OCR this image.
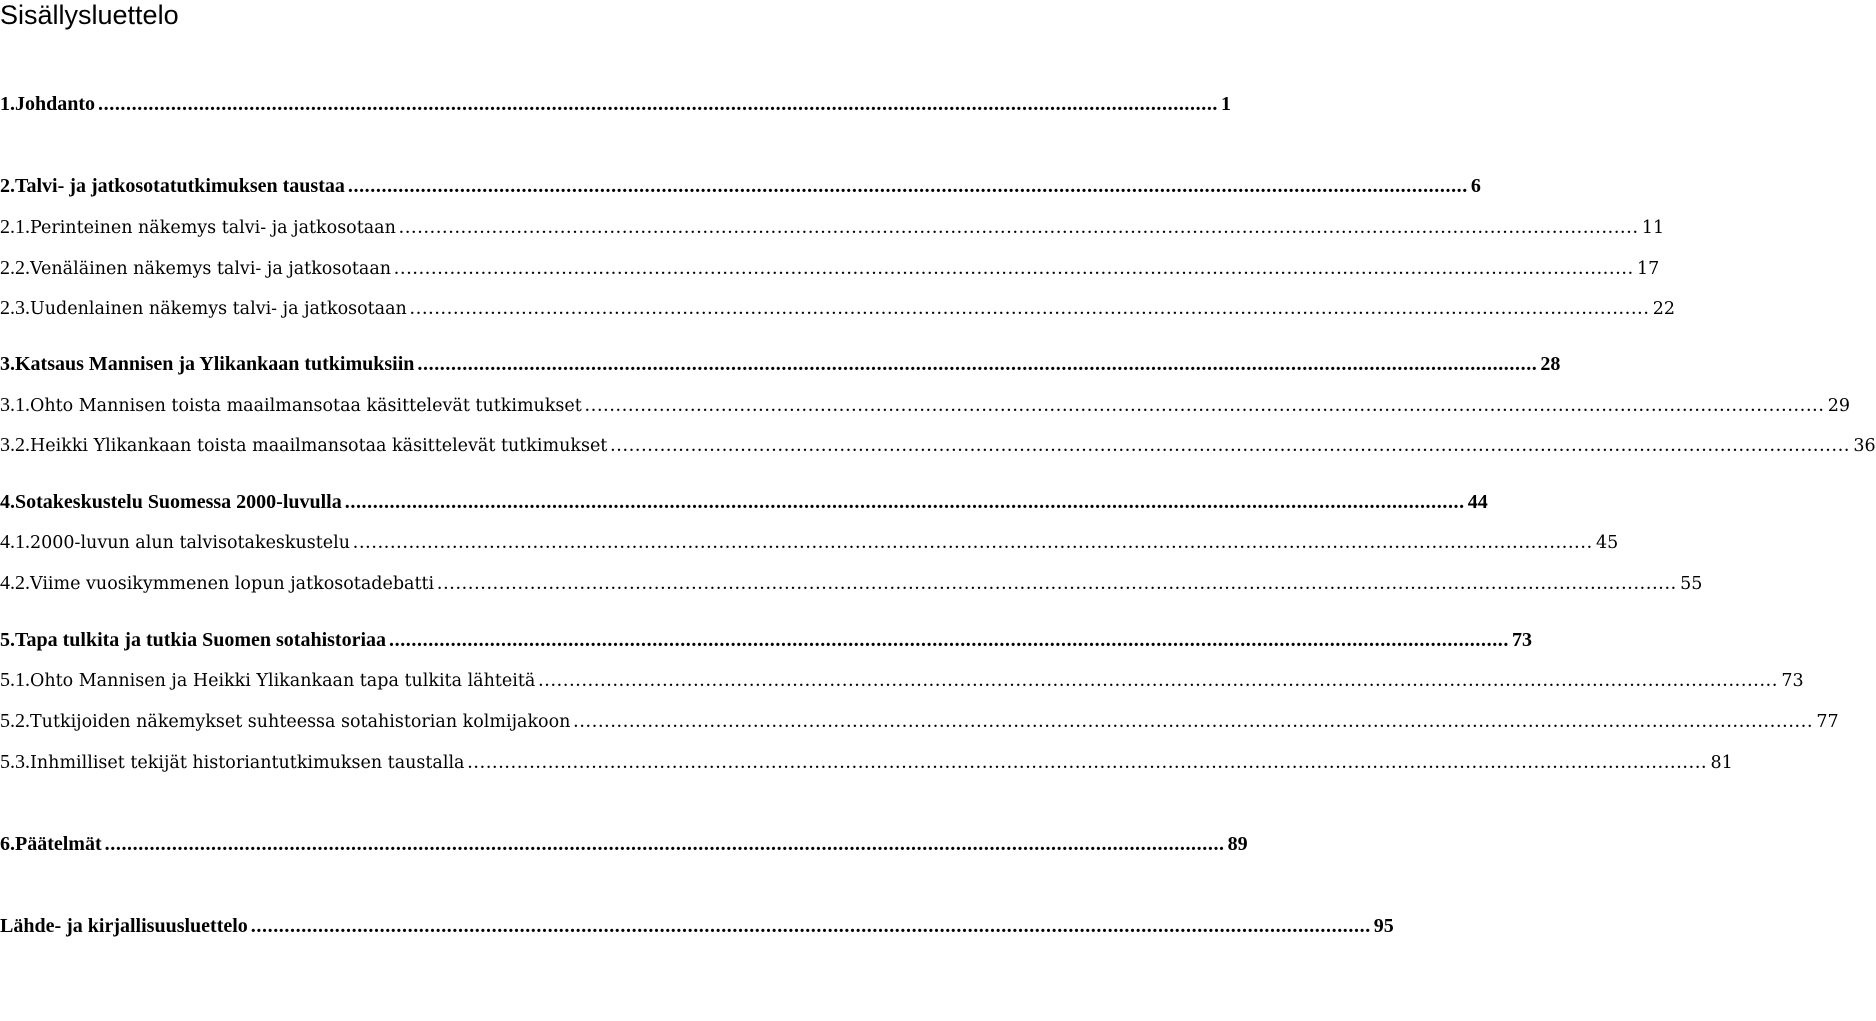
Sisällysluettelo
1. Johdanto ........................................................................................................................................................................................................ 1
2. Talvi- ja jatkosotatutkimuksen taustaa ........................................................................................................................................................................................................ 6
2.1. Perinteinen näkemys talvi- ja jatkosotaan ........................................................................................................................................................................................................ 11
2.2. Venäläinen näkemys talvi- ja jatkosotaan ........................................................................................................................................................................................................ 17
2.3. Uudenlainen näkemys talvi- ja jatkosotaan ........................................................................................................................................................................................................ 22
3. Katsaus Mannisen ja Ylikankaan tutkimuksiin ........................................................................................................................................................................................................ 28
3.1. Ohto Mannisen toista maailmansotaa käsittelevät tutkimukset ........................................................................................................................................................................................................ 29
3.2. Heikki Ylikankaan toista maailmansotaa käsittelevät tutkimukset ........................................................................................................................................................................................................ 36
4. Sotakeskustelu Suomessa 2000-luvulla ........................................................................................................................................................................................................ 44
4.1. 2000-luvun alun talvisotakeskustelu ........................................................................................................................................................................................................ 45
4.2. Viime vuosikymmenen lopun jatkosotadebatti ........................................................................................................................................................................................................ 55
5. Tapa tulkita ja tutkia Suomen sotahistoriaa ........................................................................................................................................................................................................ 73
5.1. Ohto Mannisen ja Heikki Ylikankaan tapa tulkita lähteitä ........................................................................................................................................................................................................ 73
5.2. Tutkijoiden näkemykset suhteessa sotahistorian kolmijakoon ........................................................................................................................................................................................................ 77
5.3. Inhmilliset tekijät historiantutkimuksen taustalla ........................................................................................................................................................................................................ 81
6. Päätelmät ........................................................................................................................................................................................................ 89
Lähde- ja kirjallisuusluettelo ........................................................................................................................................................................................................ 95
